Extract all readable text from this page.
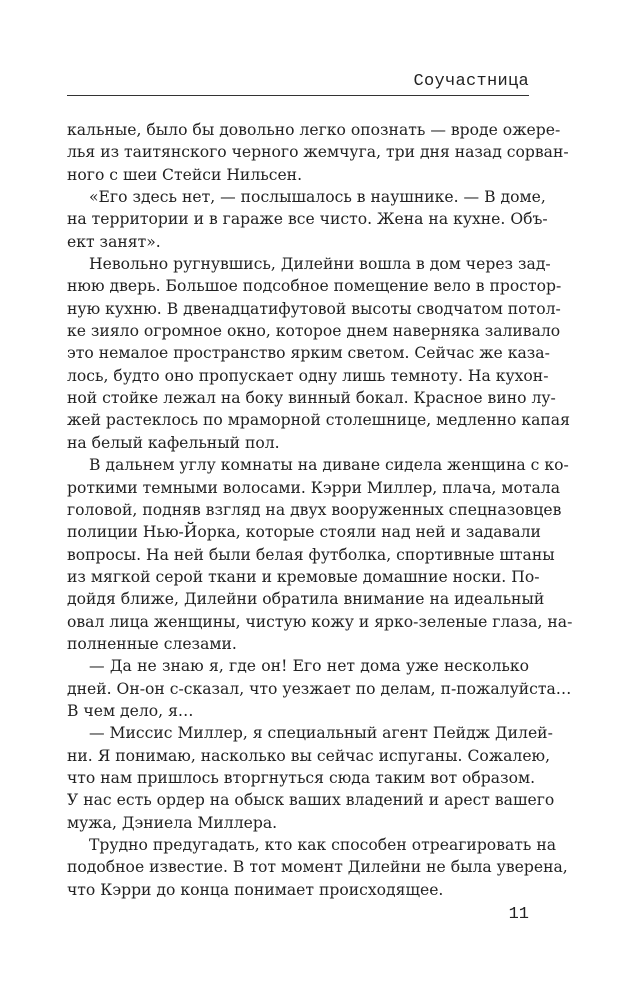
Соучастница
кальные, было бы довольно легко опознать — вроде ожере-
лья из таитянского черного жемчуга, три дня назад сорван-
ного с шеи Стейси Нильсен.
«Его здесь нет, — послышалось в наушнике. — В доме,
на территории и в гараже все чисто. Жена на кухне. Объ-
ект занят».
Невольно ругнувшись, Дилейни вошла в дом через зад-
нюю дверь. Большое подсобное помещение вело в простор-
ную кухню. В двенадцатифутовой высоты сводчатом потол-
ке зияло огромное окно, которое днем наверняка заливало
это немалое пространство ярким светом. Сейчас же каза-
лось, будто оно пропускает одну лишь темноту. На кухон-
ной стойке лежал на боку винный бокал. Красное вино лу-
жей растеклось по мраморной столешнице, медленно капая
на белый кафельный пол.
В дальнем углу комнаты на диване сидела женщина с ко-
роткими темными волосами. Кэрри Миллер, плача, мотала
головой, подняв взгляд на двух вооруженных спецназовцев
полиции Нью-Йорка, которые стояли над ней и задавали
вопросы. На ней были белая футболка, спортивные штаны
из мягкой серой ткани и кремовые домашние носки. По-
дойдя ближе, Дилейни обратила внимание на идеальный
овал лица женщины, чистую кожу и ярко-зеленые глаза, на-
полненные слезами.
— Да не знаю я, где он! Его нет дома уже несколько
дней. Он-он с-сказал, что уезжает по делам, п-пожалуйста…
В чем дело, я…
— Миссис Миллер, я специальный агент Пейдж Дилей-
ни. Я понимаю, насколько вы сейчас испуганы. Сожалею,
что нам пришлось вторгнуться сюда таким вот образом.
У нас есть ордер на обыск ваших владений и арест вашего
мужа, Дэниела Миллера.
Трудно предугадать, кто как способен отреагировать на
подобное известие. В тот момент Дилейни не была уверена,
что Кэрри до конца понимает происходящее.
11
